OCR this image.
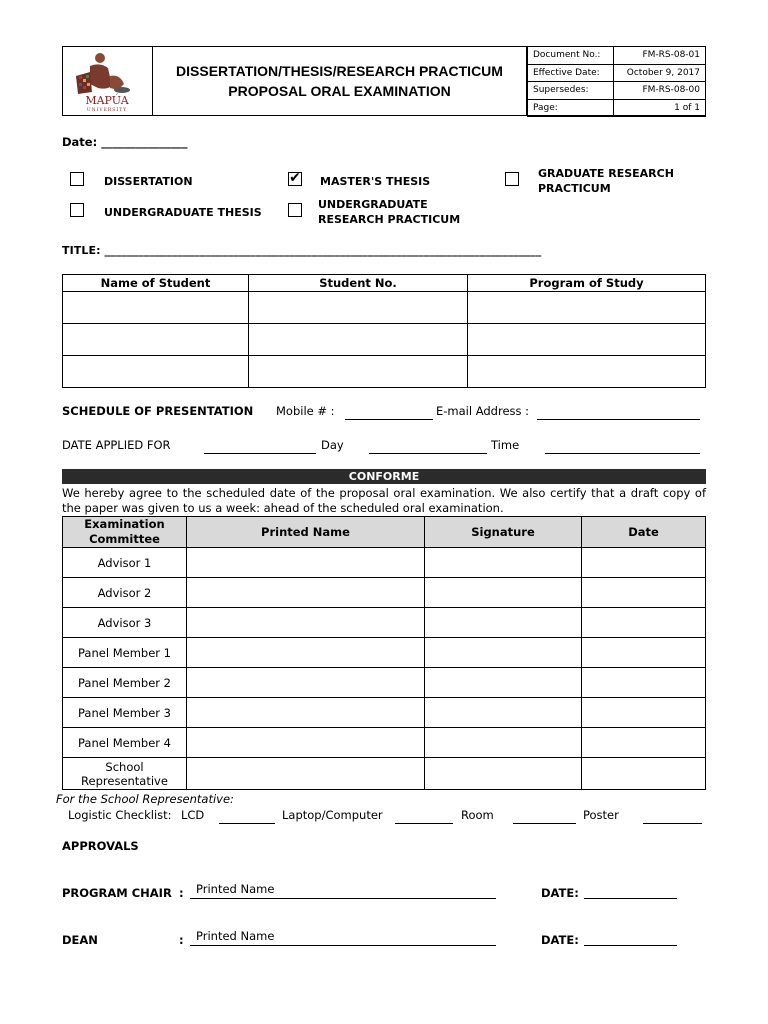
MAPÚA
UNIVERSITY
DISSERTATION/THESIS/RESEARCH PRACTICUM
PROPOSAL ORAL EXAMINATION
Document No.:	FM-RS-08-01
Effective Date:	October 9, 2017
Supersedes:	FM-RS-08-00
Page:	1 of 1
Date: _______________
DISSERTATION	✔ MASTER'S THESIS
GRADUATE RESEARCH
PRACTICUM
UNDERGRADUATE THESIS
UNDERGRADUATE
RESEARCH PRACTICUM
TITLE: ______________________________________________________________________________
Name of Student	Student No.	Program of Study

SCHEDULE OF PRESENTATION Mobile # :	E-mail Address :
DATE APPLIED FOR	Day	Time
CONFORME
We hereby agree to the scheduled date of the proposal oral examination. We also certify that a draft copy of the paper was given to us a week: ahead of the scheduled oral examination.
Examination Committee	Printed Name	Signature	Date
Advisor 1			
Advisor 2			
Advisor 3			
Panel Member 1			
Panel Member 2			
Panel Member 3			
Panel Member 4			
School Representative			
For the School Representative:
Logistic Checklist: LCD	Laptop/Computer	Room	Poster
APPROVALS
PROGRAM CHAIR : Printed Name	DATE:
DEAN	: Printed Name	DATE:
